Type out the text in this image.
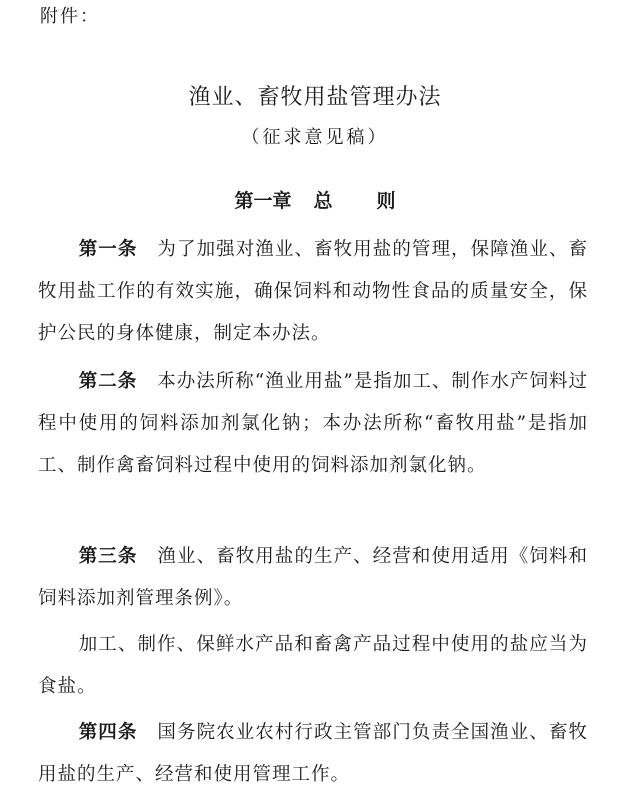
附件：
渔业、畜牧用盐管理办法
（征求意见稿）
第一章 总 则
第一条 为了加强对渔业、畜牧用盐的管理，保障渔业、畜牧用盐工作的有效实施，确保饲料和动物性食品的质量安全，保护公民的身体健康，制定本办法。
第二条 本办法所称“渔业用盐”是指加工、制作水产饲料过程中使用的饲料添加剂氯化钠；本办法所称“畜牧用盐”是指加工、制作禽畜饲料过程中使用的饲料添加剂氯化钠。
第三条 渔业、畜牧用盐的生产、经营和使用适用《饲料和饲料添加剂管理条例》。
加工、制作、保鲜水产品和畜禽产品过程中使用的盐应当为食盐。
第四条 国务院农业农村行政主管部门负责全国渔业、畜牧用盐的生产、经营和使用管理工作。
